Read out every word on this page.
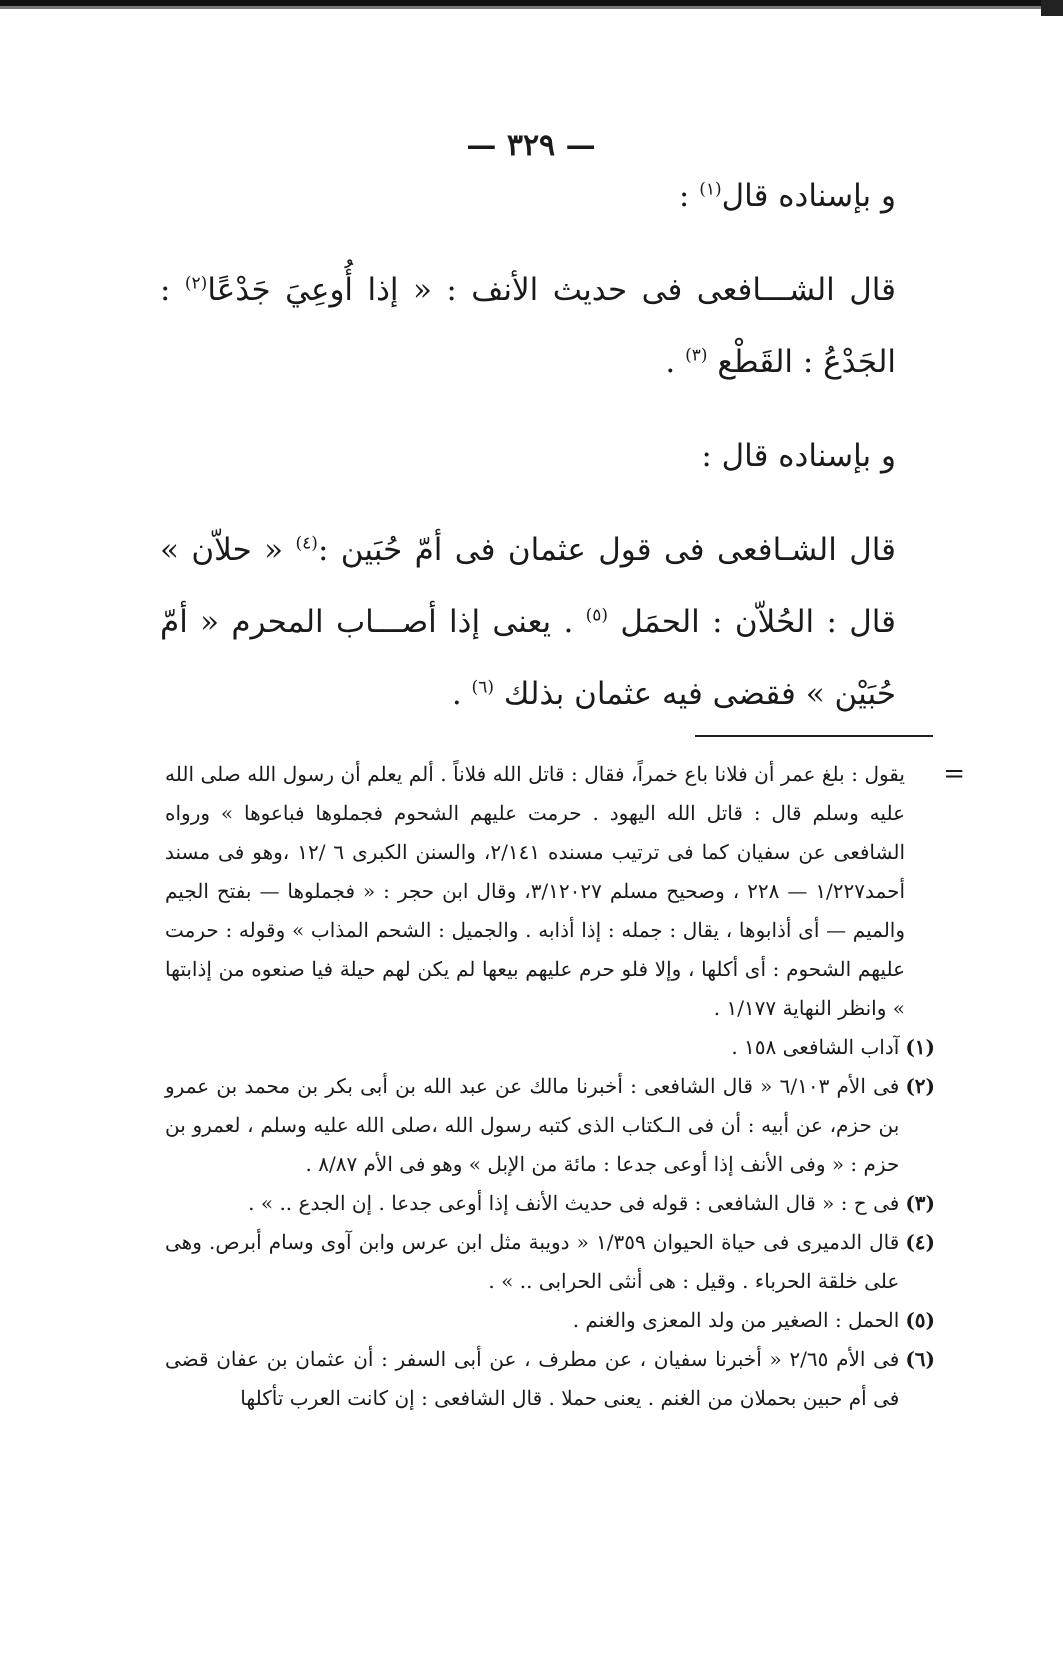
— ٣٢٩ —

و بإسناده قال$^{(١)}$ :

قال الشـــافعى فى حديث الأنف : « إذا أُوعِيَ جَدْعًا$^{(٢)}$ : الجَدْعُ : القَطْع $^{(٣)}$ .

و بإسناده قال :

قال الشـافعى فى قول عثمان فى أمّ حُبَين :$^{(٤)}$ « حلاّن » قال : الحُلاّن : الحمَل $^{(٥)}$ . يعنى إذا أصـــاب المحرم « أمّ حُبَيْن » فقضى فيه عثمان بذلك $^{(٦)}$ .

=
يقول : بلغ عمر أن فلانا باع خمراً، فقال : قاتل الله فلاناً . ألم يعلم أن رسول الله صلى الله عليه وسلم قال : قاتل الله اليهود . حرمت عليهم الشحوم فجملوها فباعوها » ورواه الشافعى عن سفيان كما فى ترتيب مسنده ٢/١٤١، والسنن الكبرى ٦ /١٢ ،وهو فى مسند أحمد١/٢٢٧ — ٢٢٨ ، وصحيح مسلم ٣/١٢٠٢٧، وقال ابن حجر : « فجملوها — بفتح الجيم والميم — أى أذابوها ، يقال : جمله : إذا أذابه . والجميل : الشحم المذاب » وقوله : حرمت عليهم الشحوم : أى أكلها ، وإلا فلو حرم عليهم بيعها لم يكن لهم حيلة فيا صنعوه من إذابتها » وانظر النهاية ١/١٧٧ .

(١)
آداب الشافعى ١٥٨ .
(٢)
فى الأم ٦/١٠٣ « قال الشافعى : أخبرنا مالك عن عبد الله بن أبى بكر بن محمد بن عمرو بن حزم، عن أبيه : أن فى الـكتاب الذى كتبه رسول الله ،صلى الله عليه وسلم ، لعمرو بن حزم : « وفى الأنف إذا أوعى جدعا : مائة من الإبل » وهو فى الأم ٨/٨٧ .
(٣)
فى ح : « قال الشافعى : قوله فى حديث الأنف إذا أوعى جدعا . إن الجدع .. » .
(٤)
قال الدميرى فى حياة الحيوان ١/٣٥٩ « دويبة مثل ابن عرس وابن آوى وسام أبرص. وهى على خلقة الحرباء . وقيل : هى أنثى الحرابى .. » .
(٥)
الحمل : الصغير من ولد المعزى والغنم .
(٦)
فى الأم ٢/٦٥ « أخبرنا سفيان ، عن مطرف ، عن أبى السفر : أن عثمان بن عفان قضى فى أم حبين بحملان من الغنم . يعنى حملا . قال الشافعى : إن كانت العرب تأكلها
